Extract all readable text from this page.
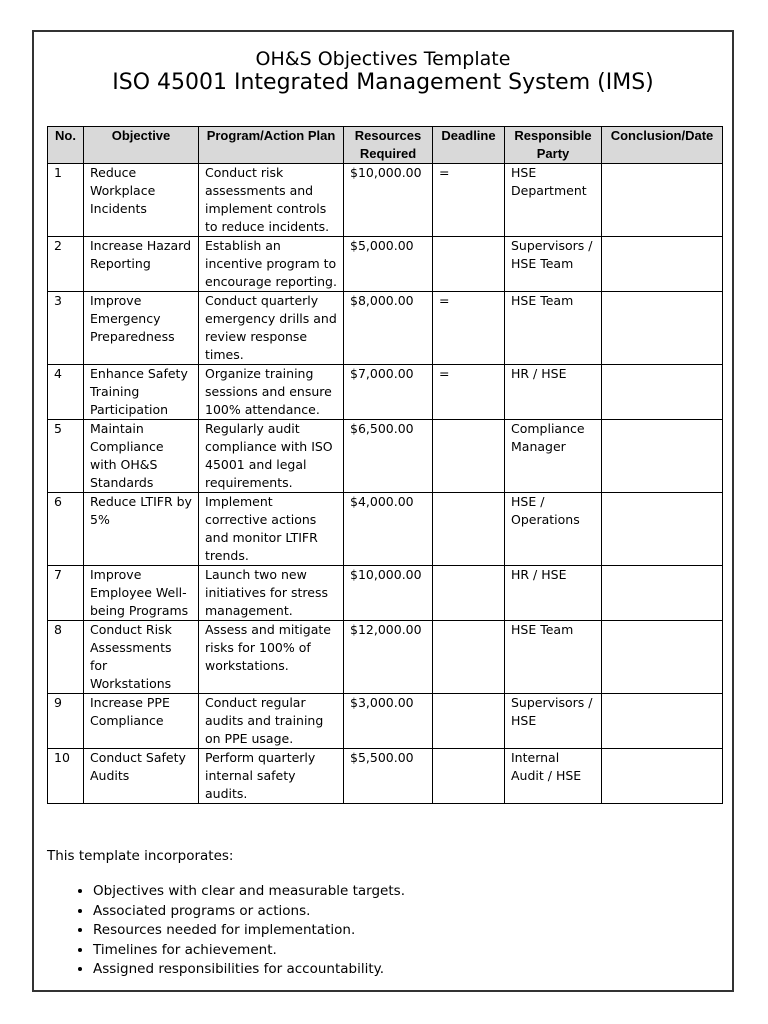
OH&S Objectives Template
ISO 45001 Integrated Management System (IMS)
No.	Objective	Program/Action Plan	Resources Required	Deadline	Responsible Party	Conclusion/Date
1	Reduce Workplace Incidents	Conduct risk assessments and implement controls to reduce incidents.	$10,000.00	=	HSE Department	
2	Increase Hazard Reporting	Establish an incentive program to encourage reporting.	$5,000.00		Supervisors / HSE Team	
3	Improve Emergency Preparedness	Conduct quarterly emergency drills and review response times.	$8,000.00	=	HSE Team	
4	Enhance Safety Training Participation	Organize training sessions and ensure 100% attendance.	$7,000.00	=	HR / HSE	
5	Maintain Compliance with OH&S Standards	Regularly audit compliance with ISO 45001 and legal requirements.	$6,500.00		Compliance Manager	
6	Reduce LTIFR by 5%	Implement corrective actions and monitor LTIFR trends.	$4,000.00		HSE / Operations	
7	Improve Employee Well-being Programs	Launch two new initiatives for stress management.	$10,000.00		HR / HSE	
8	Conduct Risk Assessments for Workstations	Assess and mitigate risks for 100% of workstations.	$12,000.00		HSE Team	
9	Increase PPE Compliance	Conduct regular audits and training on PPE usage.	$3,000.00		Supervisors / HSE	
10	Conduct Safety Audits	Perform quarterly internal safety audits.	$5,500.00		Internal Audit / HSE	

This template incorporates:

• Objectives with clear and measurable targets.
• Associated programs or actions.
• Resources needed for implementation.
• Timelines for achievement.
• Assigned responsibilities for accountability.
